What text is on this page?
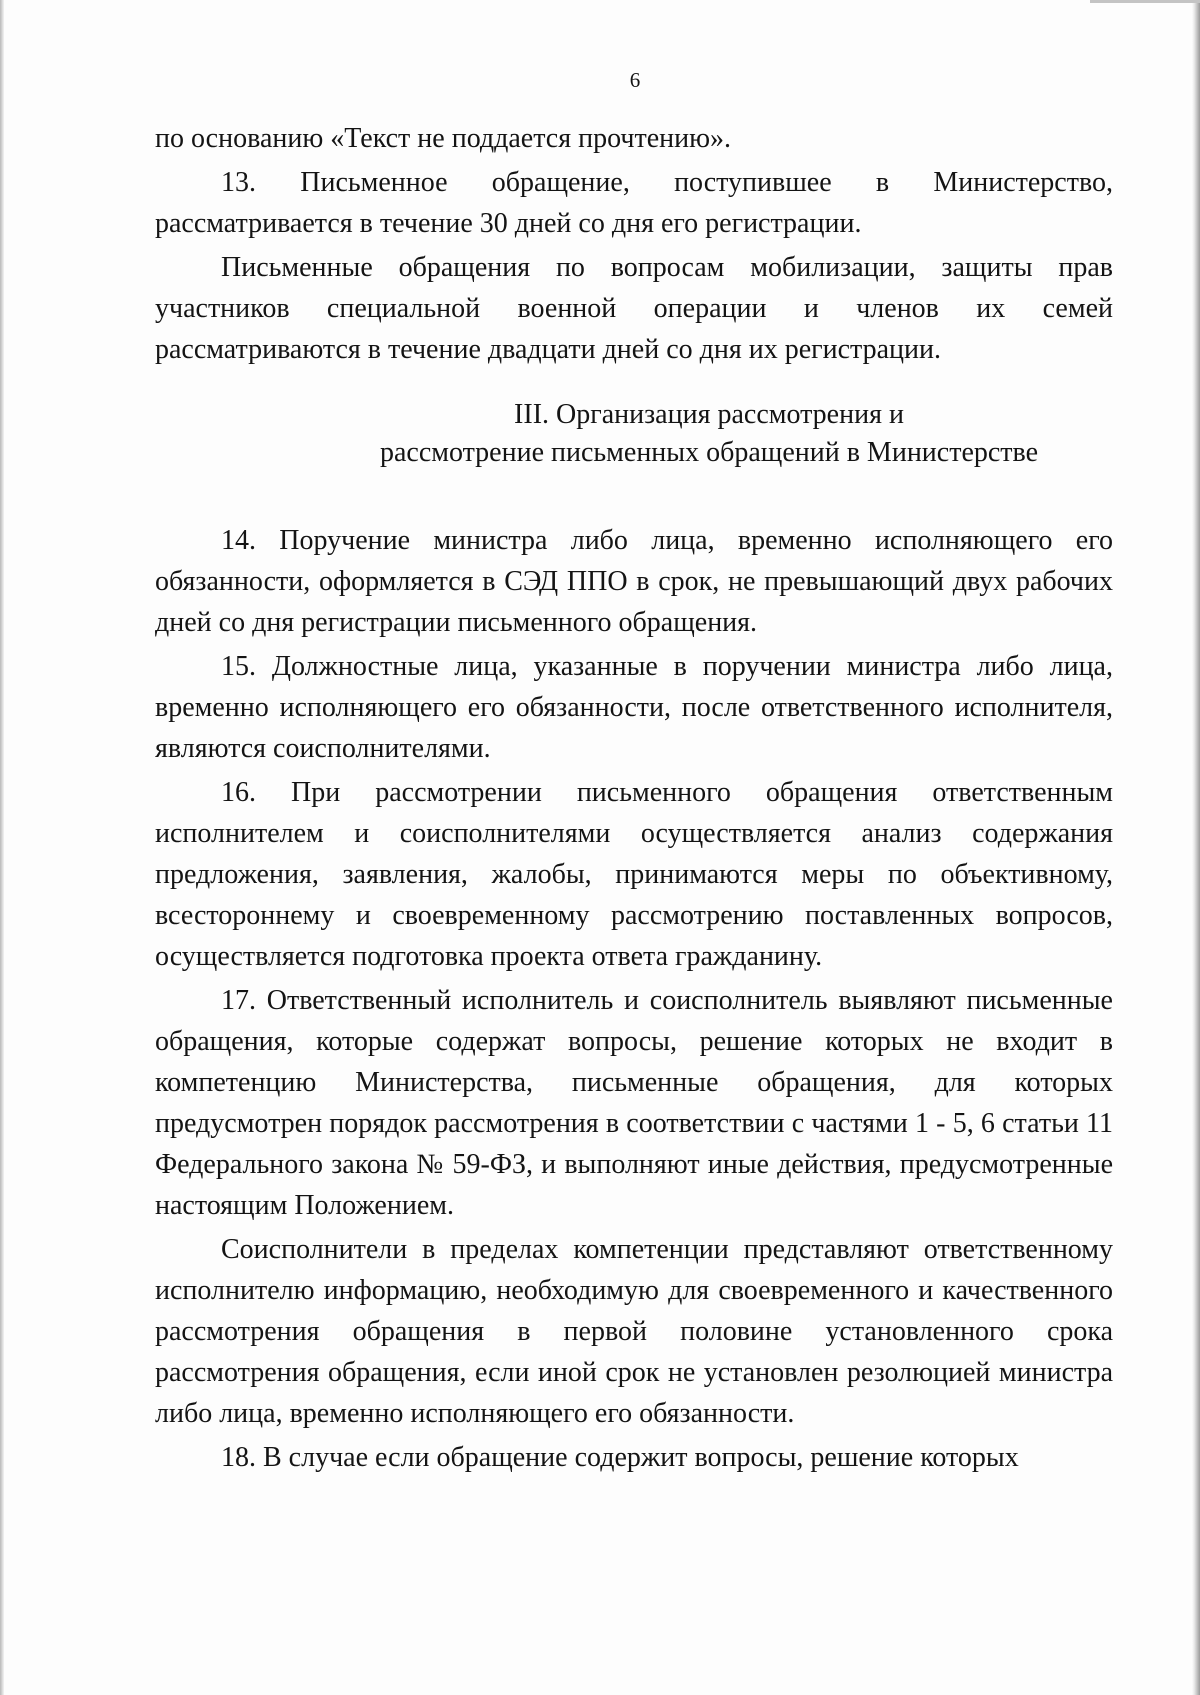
6

по основанию «Текст не поддается прочтению».

13. Письменное обращение, поступившее в Министерство, рассматривается в течение 30 дней со дня его регистрации.

Письменные обращения по вопросам мобилизации, защиты прав участников специальной военной операции и членов их семей рассматриваются в течение двадцати дней со дня их регистрации.

III. Организация рассмотрения и
рассмотрение письменных обращений в Министерстве

14. Поручение министра либо лица, временно исполняющего его обязанности, оформляется в СЭД ППО в срок, не превышающий двух рабочих дней со дня регистрации письменного обращения.

15. Должностные лица, указанные в поручении министра либо лица, временно исполняющего его обязанности, после ответственного исполнителя, являются соисполнителями.

16. При рассмотрении письменного обращения ответственным исполнителем и соисполнителями осуществляется анализ содержания предложения, заявления, жалобы, принимаются меры по объективному, всестороннему и своевременному рассмотрению поставленных вопросов, осуществляется подготовка проекта ответа гражданину.

17. Ответственный исполнитель и соисполнитель выявляют письменные обращения, которые содержат вопросы, решение которых не входит в компетенцию Министерства, письменные обращения, для которых предусмотрен порядок рассмотрения в соответствии с частями 1 - 5, 6 статьи 11 Федерального закона № 59-ФЗ, и выполняют иные действия, предусмотренные настоящим Положением.

Соисполнители в пределах компетенции представляют ответственному исполнителю информацию, необходимую для своевременного и качественного рассмотрения обращения в первой половине установленного срока рассмотрения обращения, если иной срок не установлен резолюцией министра либо лица, временно исполняющего его обязанности.

18. В случае если обращение содержит вопросы, решение которых
